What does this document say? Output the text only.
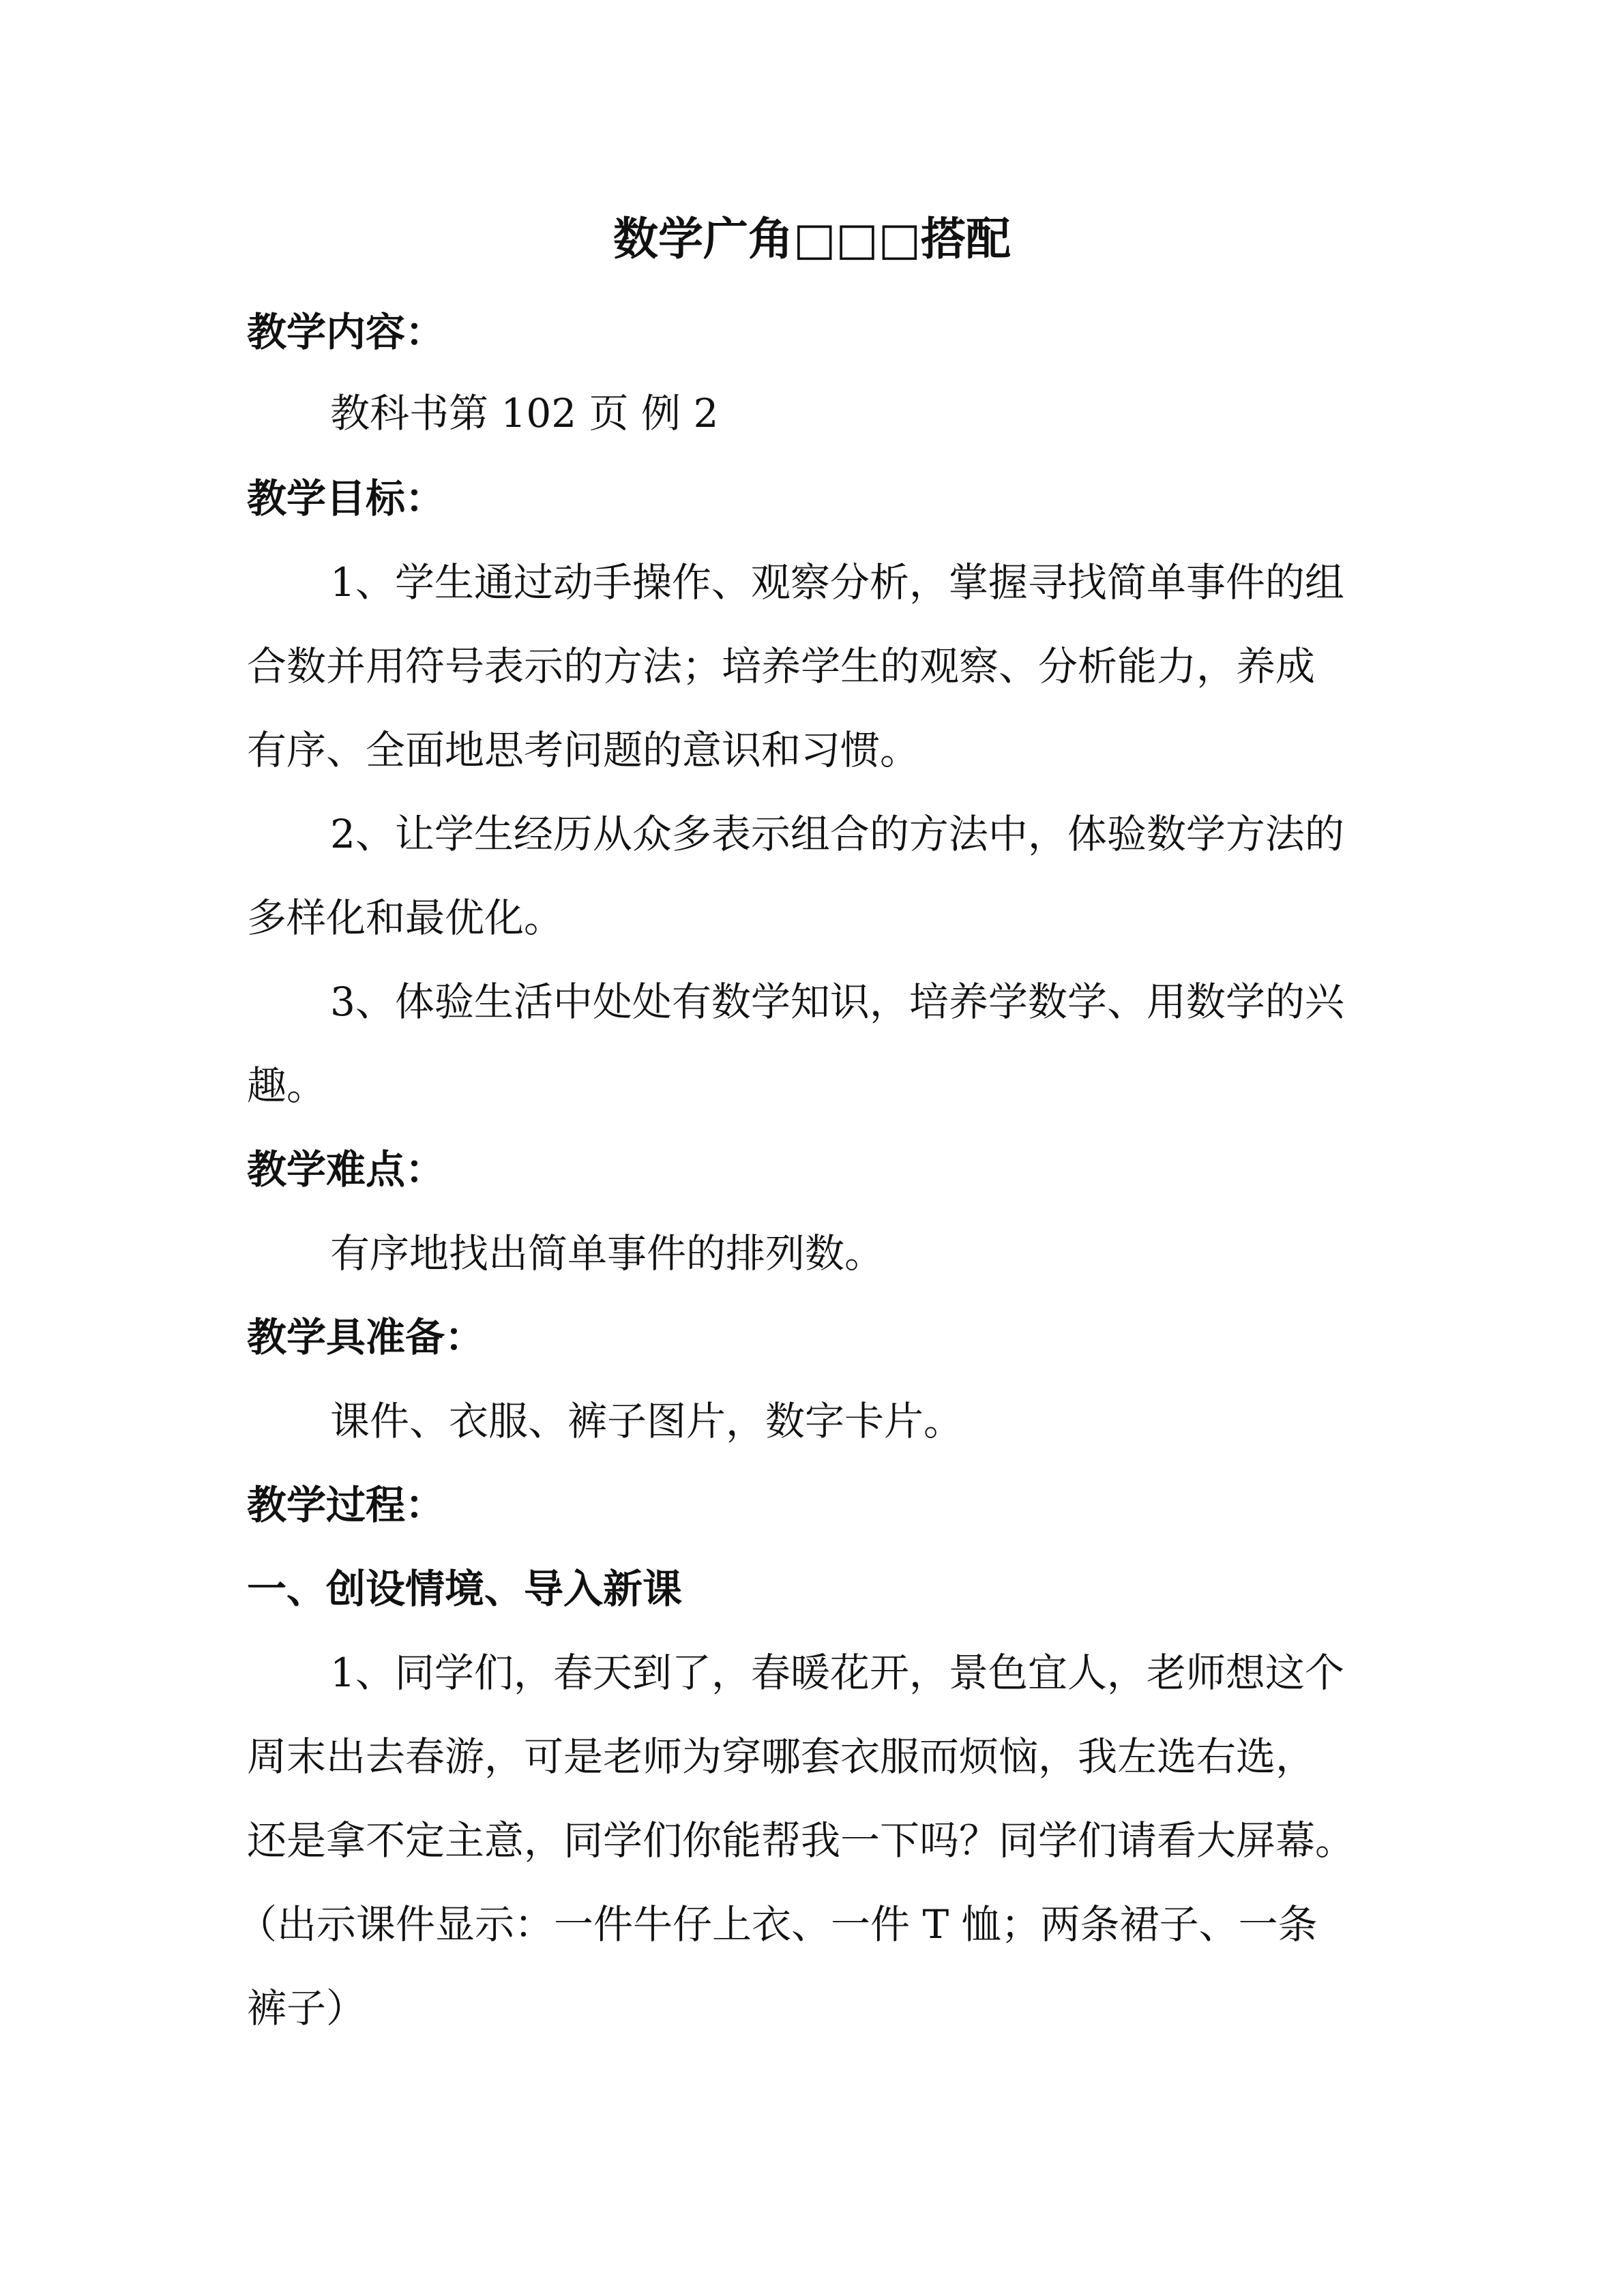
数学广角□□□搭配
教学内容：
教科书第 102 页 例 2
教学目标：
1、学生通过动手操作、观察分析，掌握寻找简单事件的组
合数并用符号表示的方法；培养学生的观察、分析能力，养成
有序、全面地思考问题的意识和习惯。
2、让学生经历从众多表示组合的方法中，体验数学方法的
多样化和最优化。
3、体验生活中处处有数学知识，培养学数学、用数学的兴
趣。
教学难点：
有序地找出简单事件的排列数。
教学具准备：
课件、衣服、裤子图片，数字卡片。
教学过程：
一、创设情境、导入新课
1、同学们，春天到了，春暖花开，景色宜人，老师想这个
周末出去春游，可是老师为穿哪套衣服而烦恼，我左选右选，
还是拿不定主意，同学们你能帮我一下吗？同学们请看大屏幕。
（出示课件显示：一件牛仔上衣、一件 T 恤；两条裙子、一条
裤子）
